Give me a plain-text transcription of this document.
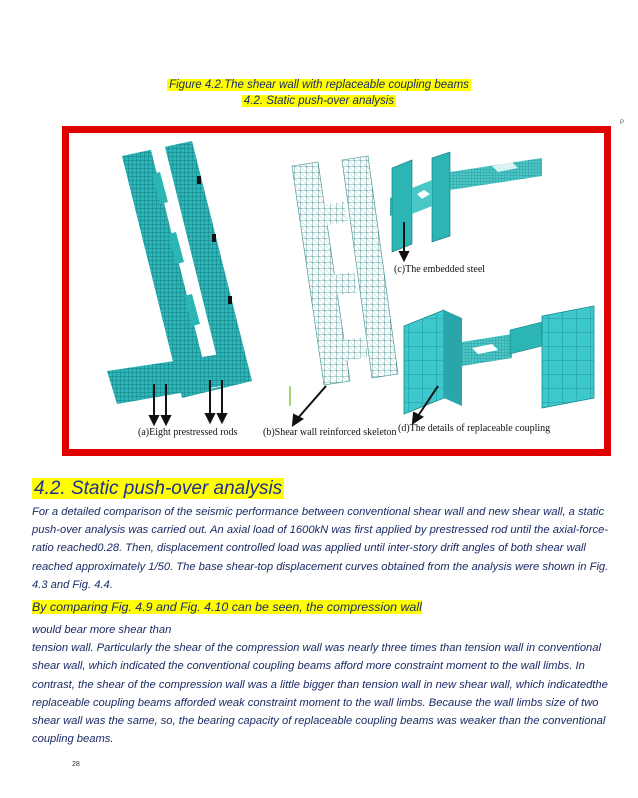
Figure 4.2.The shear wall with replaceable coupling beams
4.2. Static push-over analysis
P
(a)Eight prestressed rods	(b)Shear wall reinforced skeleton
(c)The embedded steel
(d)The details of replaceable coupling
4.2. Static push-over analysis

For a detailed comparison of the seismic performance between conventional shear wall and new shear wall, a static push-over analysis was carried out. An axial load of 1600kN was first applied by prestressed rod until the axial-force-ratio reached0.28. Then, displacement controlled load was applied until inter-story drift angles of both shear wall reached approximately 1/50. The base shear-top displacement curves obtained from the analysis were shown in Fig. 4.3 and Fig. 4.4.

By comparing Fig. 4.9 and Fig. 4.10 can be seen, the compression wall

would bear more shear than
tension wall. Particularly the shear of the compression wall was nearly three times than tension wall in conventional shear wall, which indicated the conventional coupling beams afford more constraint moment to the wall limbs. In contrast, the shear of the compression wall was a little bigger than tension wall in new shear wall, which indicatedthe replaceable coupling beams afforded weak constraint moment to the wall limbs. Because the wall limbs size of two shear wall was the same, so, the bearing capacity of replaceable coupling beams was weaker than the conventional coupling beams.

28
